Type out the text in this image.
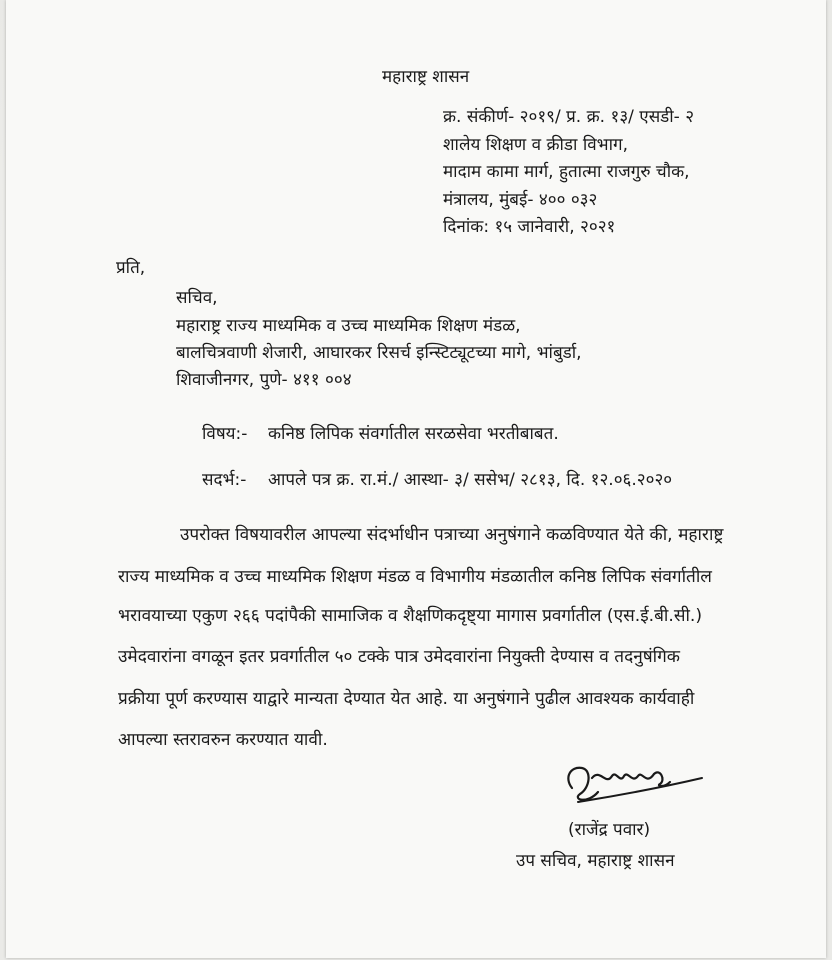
महाराष्ट्र शासन
क्र. संकीर्ण- २०१९/ प्र. क्र. १३/ एसडी- २
शालेय शिक्षण व क्रीडा विभाग,
मादाम कामा मार्ग, हुतात्मा राजगुरु चौक,
मंत्रालय, मुंबई- ४०० ०३२
दिनांक: १५ जानेवारी, २०२१
प्रति,
सचिव,
महाराष्ट्र राज्य माध्यमिक व उच्च माध्यमिक शिक्षण मंडळ,
बालचित्रवाणी शेजारी, आघारकर रिसर्च इन्स्टिट्यूटच्या मागे, भांबुर्डा,
शिवाजीनगर, पुणे- ४११ ००४
विषय:- कनिष्ठ लिपिक संवर्गातील सरळसेवा भरतीबाबत.
सदर्भ:- आपले पत्र क्र. रा.मं./ आस्था- ३/ ससेभ/ २८१३, दि. १२.०६.२०२०
उपरोक्त विषयावरील आपल्या संदर्भाधीन पत्राच्या अनुषंगाने कळविण्यात येते की, महाराष्ट्र
राज्य माध्यमिक व उच्च माध्यमिक शिक्षण मंडळ व विभागीय मंडळातील कनिष्ठ लिपिक संवर्गातील
भरावयाच्या एकुण २६६ पदांपैकी सामाजिक व शैक्षणिकदृष्ट्या मागास प्रवर्गातील (एस.ई.बी.सी.)
उमेदवारांना वगळून इतर प्रवर्गातील ५० टक्के पात्र उमेदवारांना नियुक्ती देण्यास व तदनुषंगिक
प्रक्रीया पूर्ण करण्यास याद्वारे मान्यता देण्यात येत आहे. या अनुषंगाने पुढील आवश्यक कार्यवाही
आपल्या स्तरावरुन करण्यात यावी.
(राजेंद्र पवार)
उप सचिव, महाराष्ट्र शासन
